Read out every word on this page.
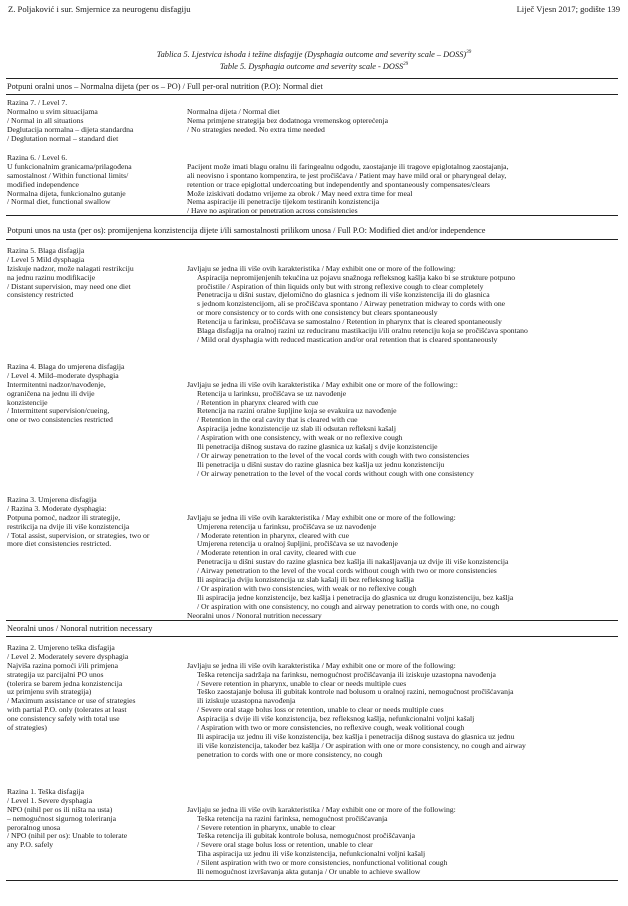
Z. Poljaković i sur. Smjernice za neurogenu disfagiju	Liječ Vjesn 2017; godište 139
Tablica 5. Ljestvica ishoda i težine disfagije (Dysphagia outcome and severity scale – DOSS)$^{39}$
Table 5. Dysphagia outcome and severity scale - DOSS$^{29}$
Potpuni oralni unos – Normalna dijeta (per os – PO) / Full per-oral nutrition (P.O): Normal diet
Razina 7. / Level 7.
Normalno u svim situacijama
/ Normal in all situations
Deglutacija normalna – dijeta standardna
/ Deglutation normal – standard diet
Normalna dijeta / Normal diet
Nema primjene strategija bez dodatnoga vremenskog opterećenja
/ No strategies needed. No extra time needed
Razina 6. / Level 6.
U funkcionalnim granicama/prilagođena
samostalnost / Within functional limits/
modified independence
Normalna dijeta, funkcionalno gutanje
/ Normal diet, functional swallow
Pacijent može imati blagu oralnu ili faringealnu odgodu, zaostajanje ili tragove epiglotalnog zaostajanja,
ali neovisno i spontano kompenzira, te jest pročišćava / Patient may have mild oral or pharyngeal delay,
retention or trace epiglottal undercoating but independently and spontaneously compensates/clears
Može iziskivati dodatno vrijeme za obrok / May need extra time for meal
Nema aspiracije ili penetracije tijekom testiranih konzistencija
/ Have no aspiration or penetration across consistencies
Potpuni unos na usta (per os): promijenjena konzistencija dijete i/ili samostalnosti prilikom unosa / Full P.O: Modified diet and/or independence
Razina 5. Blaga disfagija
/ Level 5 Mild dysphagia
Iziskuje nadzor, može nalagati restrikciju
na jednu razinu modifikacije
/ Distant supervision, may need one diet
consistency restricted
Javljaju se jedna ili više ovih karakteristika / May exhibit one or more of the following:
Aspiracija nepromijenjenih tekućina uz pojavu snažnoga refleksnog kašlja kako bi se strukture potpuno
pročistile / Aspiration of thin liquids only but with strong reflexive cough to clear completely
Penetracija u dišni sustav, djelomično do glasnica s jednom ili više konzistencija ili do glasnica
s jednom konzistencijom, ali se pročišćava spontano / Airway penetration midway to cords with one
or more consistency or to cords with one consistency but clears spontaneously
Retencija u farinksu, pročišćava se samostalno / Retention in pharynx that is cleared spontaneously
Blaga disfagija na oralnoj razini uz reduciranu mastikaciju i/ili oralnu retenciju koja se pročišćava spontano
/ Mild oral dysphagia with reduced mastication and/or oral retention that is cleared spontaneously
Razina 4. Blaga do umjerena disfagija
/ Level 4. Mild–moderate dysphagia
Intermitentni nadzor/navođenje,
ograničena na jednu ili dvije
konzistencije
/ Intermittent supervision/cueing,
one or two consistencies restricted
Javljaju se jedna ili više ovih karakteristika / May exhibit one or more of the following::
Retencija u larinksu, pročišćava se uz navođenje
/ Retention in pharynx cleared with cue
Retencija na razini oralne šupljine koja se evakuira uz navođenje
/ Retention in the oral cavity that is cleared with cue
Aspiracija jedne konzistencije uz slab ili odsutan refleksni kašalj
/ Aspiration with one consistency, with weak or no reflexive cough
Ili penetracija dišnog sustava do razine glasnica uz kašalj s dvije konzistencije
/ Or airway penetration to the level of the vocal cords with cough with two consistencies
Ili penetracija u dišni sustav do razine glasnica bez kašlja uz jednu konzistenciju
/ Or airway penetration to the level of the vocal cords without cough with one consistency
Razina 3. Umjerena disfagija
/ Razina 3. Moderate dysphagia:
Potpuna pomoć, nadzor ili strategije,
restrikcija na dvije ili više konzistencija
/ Total assist, supervision, or strategies, two or
more diet consistencies restricted.
Javljaju se jedna ili više ovih karakteristika / May exhibit one or more of the following:
Umjerena retencija u farinksu, pročišćava se uz navođenje
/ Moderate retention in pharynx, cleared with cue
Umjerena retencija u oralnoj šupljini, pročišćava se uz navođenje
/ Moderate retention in oral cavity, cleared with cue
Penetracija u dišni sustav do razine glasnica bez kašlja ili nakašljavanja uz dvije ili više konzistencija
/ Airway penetration to the level of the vocal cords without cough with two or more consistencies
Ili aspiracija dviju konzistencija uz slab kašalj ili bez refleksnog kašlja
/ Or aspiration with two consistencies, with weak or no reflexive cough
Ili aspiracija jedne konzistencije, bez kašlja i penetracija do glasnica uz drugu konzistenciju, bez kašlja
/ Or aspiration with one consistency, no cough and airway penetration to cords with one, no cough
Neoralni unos / Nonoral nutrition necessary
Neoralni unos / Nonoral nutrition necessary
Razina 2. Umjereno teška disfagija
/ Level 2. Moderately severe dysphagia
Najviša razina pomoći i/ili primjena
strategija uz parcijalni PO unos
(tolerira se barem jedna konzistencija
uz primjenu svih strategija)
/ Maximum assistance or use of strategies
with partial P.O. only (tolerates at least
one consistency safely with total use
of strategies)
Javljaju se jedna ili više ovih karakteristika / May exhibit one or more of the following:
Teška retencija sadržaja na farinksu, nemogućnost pročišćavanja ili iziskuje uzastopna navođenja
/ Severe retention in pharynx, unable to clear or needs multiple cues
Teško zaostajanje bolusa ili gubitak kontrole nad bolusom u oralnoj razini, nemogućnost pročišćavanja
ili iziskuje uzastopna navođenja
/ Severe oral stage bolus loss or retention, unable to clear or needs multiple cues
Aspiracija s dvije ili više konzistencija, bez refleksnog kašlja, nefunkcionalni voljni kašalj
/ Aspiration with two or more consistencies, no reflexive cough, weak volitional cough
Ili aspiracija uz jednu ili više konzistencija, bez kašlja i penetracija dišnog sustava do glasnica uz jednu
ili više konzistencija, također bez kašlja / Or aspiration with one or more consistency, no cough and airway
penetration to cords with one or more consistency, no cough
Razina 1. Teška disfagija
/ Level 1. Severe dysphagia
NPO (nihil per os ili ništa na usta)
– nemogućnost sigurnog toleriranja
peroralnog unosa
/ NPO (nihil per os): Unable to tolerate
any P.O. safely
Javljaju se jedna ili više ovih karakteristika / May exhibit one or more of the following:
Teška retencija na razini farinksa, nemogućnost pročišćavanja
/ Severe retention in pharynx, unable to clear
Teška retencija ili gubitak kontrole bolusa, nemogućnost pročišćavanja
/ Severe oral stage bolus loss or retention, unable to clear
Tiha aspiracija uz jednu ili više konzistencija, nefunkcionalni voljni kašalj
/ Silent aspiration with two or more consistencies, nonfunctional volitional cough
Ili nemogućnost izvršavanja akta gutanja / Or unable to achieve swallow
